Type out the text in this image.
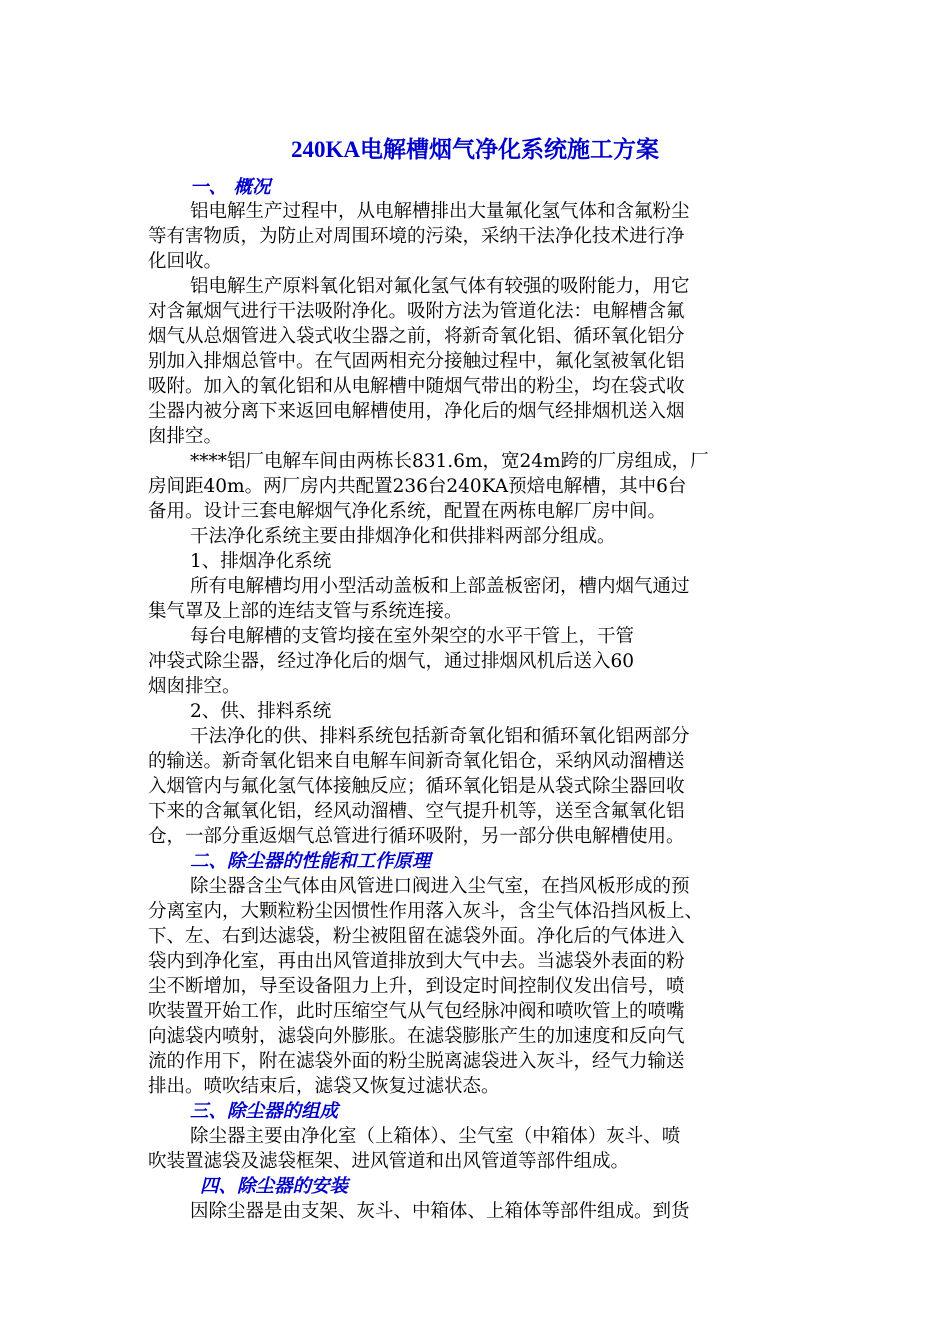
240KA电解槽烟气净化系统施工方案
一、 概况
铝电解生产过程中，从电解槽排出大量氟化氢气体和含氟粉尘
等有害物质，为防止对周围环境的污染，采纳干法净化技术进行净
化回收。
铝电解生产原料氧化铝对氟化氢气体有较强的吸附能力，用它
对含氟烟气进行干法吸附净化。吸附方法为管道化法：电解槽含氟
烟气从总烟管进入袋式收尘器之前，将新奇氧化铝、循环氧化铝分
别加入排烟总管中。在气固两相充分接触过程中，氟化氢被氧化铝
吸附。加入的氧化铝和从电解槽中随烟气带出的粉尘，均在袋式收
尘器内被分离下来返回电解槽使用，净化后的烟气经排烟机送入烟
囱排空。
****铝厂电解车间由两栋长831.6m，宽24m跨的厂房组成，厂
房间距40m。两厂房内共配置236台240KA预焙电解槽，其中6台
备用。设计三套电解烟气净化系统，配置在两栋电解厂房中间。
干法净化系统主要由排烟净化和供排料两部分组成。
1、排烟净化系统
所有电解槽均用小型活动盖板和上部盖板密闭，槽内烟气通过
集气罩及上部的连结支管与系统连接。
每台电解槽的支管均接在室外架空的水平干管上，干管
冲袋式除尘器，经过净化后的烟气，通过排烟风机后送入60
烟囱排空。
2、供、排料系统
干法净化的供、排料系统包括新奇氧化铝和循环氧化铝两部分
的输送。新奇氧化铝来自电解车间新奇氧化铝仓，采纳风动溜槽送
入烟管内与氟化氢气体接触反应；循环氧化铝是从袋式除尘器回收
下来的含氟氧化铝，经风动溜槽、空气提升机等，送至含氟氧化铝
仓，一部分重返烟气总管进行循环吸附，另一部分供电解槽使用。
二、除尘器的性能和工作原理
除尘器含尘气体由风管进口阀进入尘气室，在挡风板形成的预
分离室内，大颗粒粉尘因惯性作用落入灰斗，含尘气体沿挡风板上、
下、左、右到达滤袋，粉尘被阻留在滤袋外面。净化后的气体进入
袋内到净化室，再由出风管道排放到大气中去。当滤袋外表面的粉
尘不断增加，导至设备阻力上升，到设定时间控制仪发出信号，喷
吹装置开始工作，此时压缩空气从气包经脉冲阀和喷吹管上的喷嘴
向滤袋内喷射，滤袋向外膨胀。在滤袋膨胀产生的加速度和反向气
流的作用下，附在滤袋外面的粉尘脱离滤袋进入灰斗，经气力输送
排出。喷吹结束后，滤袋又恢复过滤状态。
三、除尘器的组成
除尘器主要由净化室（上箱体）、尘气室（中箱体）灰斗、喷
吹装置滤袋及滤袋框架、进风管道和出风管道等部件组成。
四、除尘器的安装
因除尘器是由支架、灰斗、中箱体、上箱体等部件组成。到货
